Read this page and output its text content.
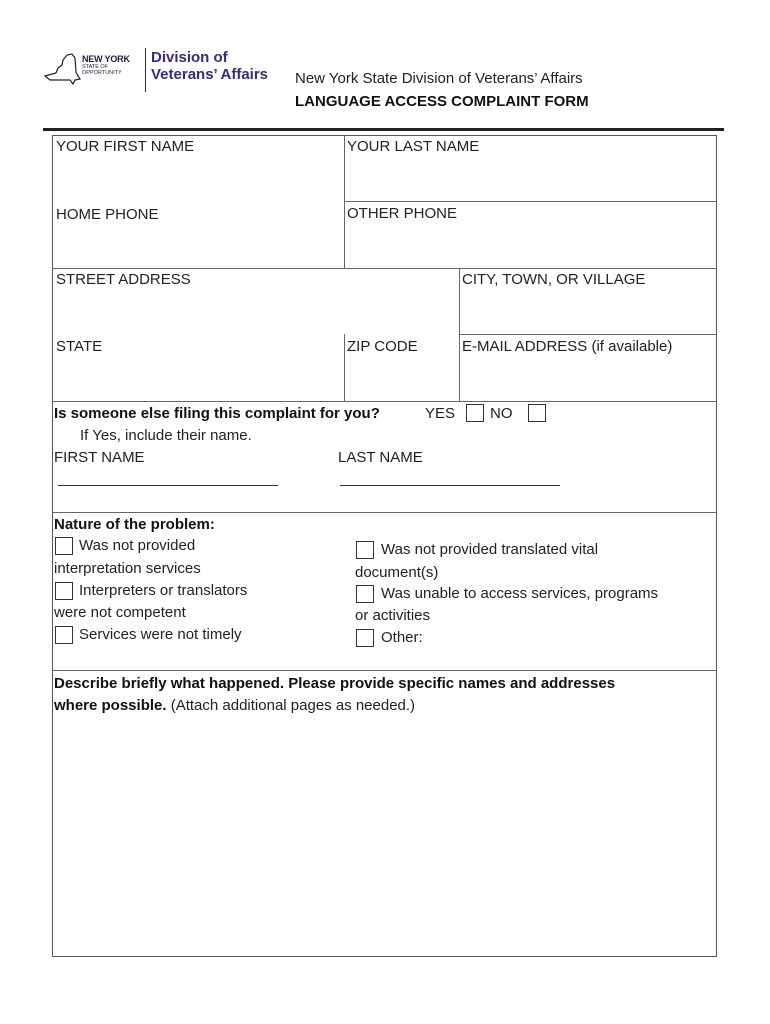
NEW YORK
STATE OF
OPPORTUNITY
Division of
Veterans’ Affairs New York State Division of Veterans’ Affairs
LANGUAGE ACCESS COMPLAINT FORM
YOUR FIRST NAME	YOUR LAST NAME
HOME PHONE	OTHER PHONE
STREET ADDRESS	CITY, TOWN, OR VILLAGE
STATE	ZIP CODE	E-MAIL ADDRESS (if available)
Is someone else filing this complaint for you?	YES NO
If Yes, include their name.
FIRST NAME	LAST NAME
Nature of the problem:
Was not provided
interpretation services
Interpreters or translators
were not competent
Services were not timely
Was not provided translated vital
document(s)
Was unable to access services, programs
or activities
Other:
Describe briefly what happened. Please provide specific names and addresses
where possible. (Attach additional pages as needed.)
